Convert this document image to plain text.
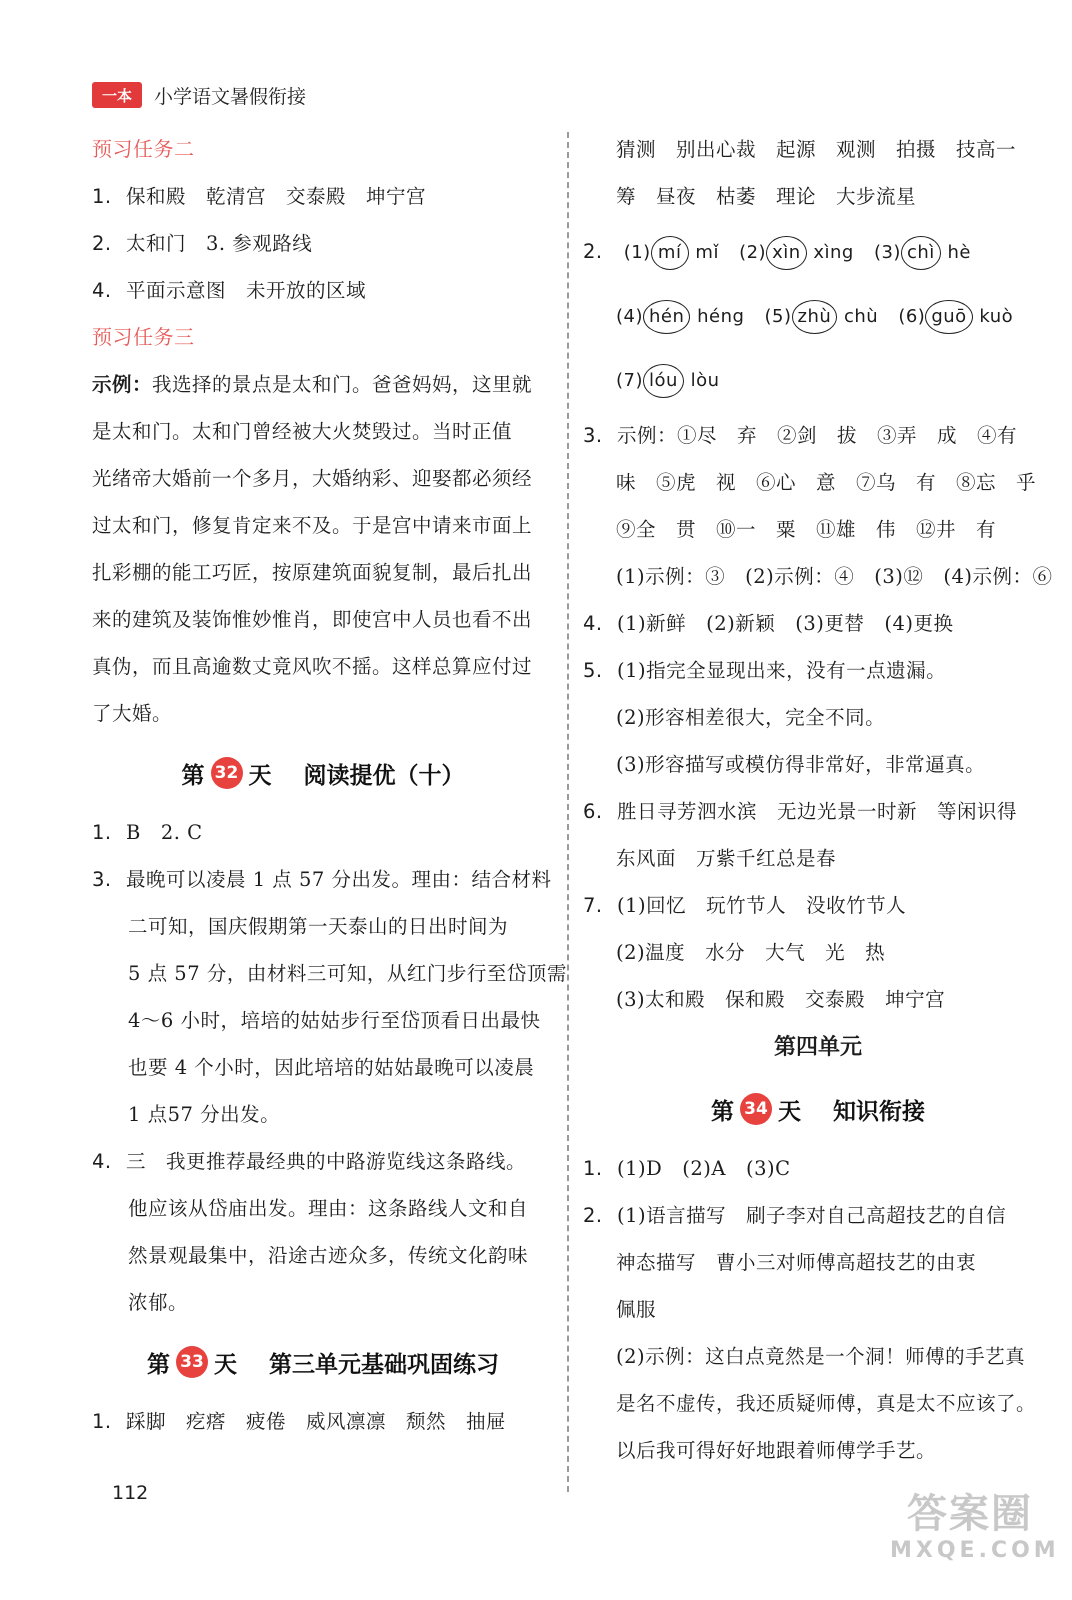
一本	小学语文暑假衔接
预习任务二
1. 保和殿　乾清宫　交泰殿　坤宁宫
2. 太和门　3. 参观路线
4. 平面示意图　未开放的区域
预习任务三
示例：我选择的景点是太和门。爸爸妈妈，这里就
是太和门。太和门曾经被大火焚毁过。当时正值
光绪帝大婚前一个多月，大婚纳彩、迎娶都必须经
过太和门，修复肯定来不及。于是宫中请来市面上
扎彩棚的能工巧匠，按原建筑面貌复制，最后扎出
来的建筑及装饰惟妙惟肖，即使宫中人员也看不出
真伪，而且高逾数丈竟风吹不摇。这样总算应付过
了大婚。
第 32 天 阅读提优（十）
1. B　2. C
3. 最晚可以凌晨 1 点 57 分出发。理由：结合材料
二可知，国庆假期第一天泰山的日出时间为
5 点 57 分，由材料三可知，从红门步行至岱顶需
4～6 小时，培培的姑姑步行至岱顶看日出最快
也要 4 个小时，因此培培的姑姑最晚可以凌晨
1 点57 分出发。
4. 三　我更推荐最经典的中路游览线这条路线。
他应该从岱庙出发。理由：这条路线人文和自
然景观最集中，沿途古迹众多，传统文化韵味
浓郁。
第 33 天 第三单元基础巩固练习
1. 踩脚　疙瘩　疲倦　威风凛凛　颓然　抽屉
猜测　别出心裁　起源　观测　拍摄　技高一
筹　昼夜　枯萎　理论　大步流星
2. (1) mí mǐ (2) xìn xìng (3) chì hè
(4) hén héng (5) zhù chù (6) guō kuò
(7) lóu lòu
3. 示例：①尽　弃　②剑　拔　③弄　成　④有
味　⑤虎　视　⑥心　意　⑦乌　有　⑧忘　乎
⑨全　贯　⑩一　粟　⑪雄　伟　⑫井　有
(1)示例：③　(2)示例：④　(3)⑫　(4)示例：⑥
4. (1)新鲜　(2)新颖　(3)更替　(4)更换
5. (1)指完全显现出来，没有一点遗漏。
(2)形容相差很大，完全不同。
(3)形容描写或模仿得非常好，非常逼真。
6. 胜日寻芳泗水滨　无边光景一时新　等闲识得
东风面　万紫千红总是春
7. (1)回忆　玩竹节人　没收竹节人
(2)温度　水分　大气　光　热
(3)太和殿　保和殿　交泰殿　坤宁宫
第四单元
第 34 天 知识衔接
1. (1)D　(2)A　(3)C
2. (1)语言描写　刷子李对自己高超技艺的自信
神态描写　曹小三对师傅高超技艺的由衷
佩服
(2)示例：这白点竟然是一个洞！师傅的手艺真
是名不虚传，我还质疑师傅，真是太不应该了。
以后我可得好好地跟着师傅学手艺。
112	答案圈
MXQE.COM
